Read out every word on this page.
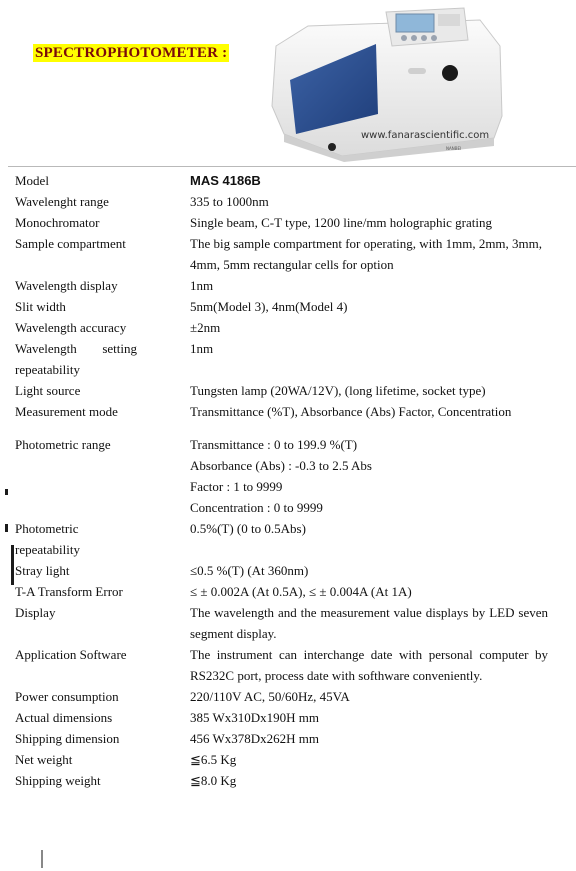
SPECTROPHOTOMETER :
www.fanarascientific.com
NANBEI
Model	MAS 4186B
Wavelenght range	335 to 1000nm
Monochromator	Single beam, C-T type, 1200 line/mm holographic grating
Sample compartment	The big sample compartment for operating, with 1mm, 2mm, 3mm, 4mm, 5mm rectangular cells for option
Wavelength display	1nm
Slit width	5nm(Model 3), 4nm(Model 4)
Wavelength accuracy	±2nm

Wavelength setting
repeatability	1nm
Light source	Tungsten lamp (20WA/12V), (long lifetime, socket type)
Measurement mode	Transmittance (%T), Absorbance (Abs) Factor, Concentration

Photometric range	Transmittance : 0 to 199.9 %(T)
Absorbance (Abs) : -0.3 to 2.5 Abs
Factor : 1 to 9999
Concentration : 0 to 9999

Photometric
repeatability	0.5%(T) (0 to 0.5Abs)
Stray light	≤0.5 %(T) (At 360nm)
T-A Transform Error	≤ ± 0.002A (At 0.5A), ≤ ± 0.004A (At 1A)
Display	The wavelength and the measurement value displays by LED seven segment display.
Application Software	The instrument can interchange date with personal computer by RS232C port, process date with softhware conveniently.
Power consumption	220/110V AC, 50/60Hz, 45VA
Actual dimensions	385 Wx310Dx190H mm
Shipping dimension	456 Wx378Dx262H mm
Net weight	≦6.5 Kg
Shipping weight	≦8.0 Kg
